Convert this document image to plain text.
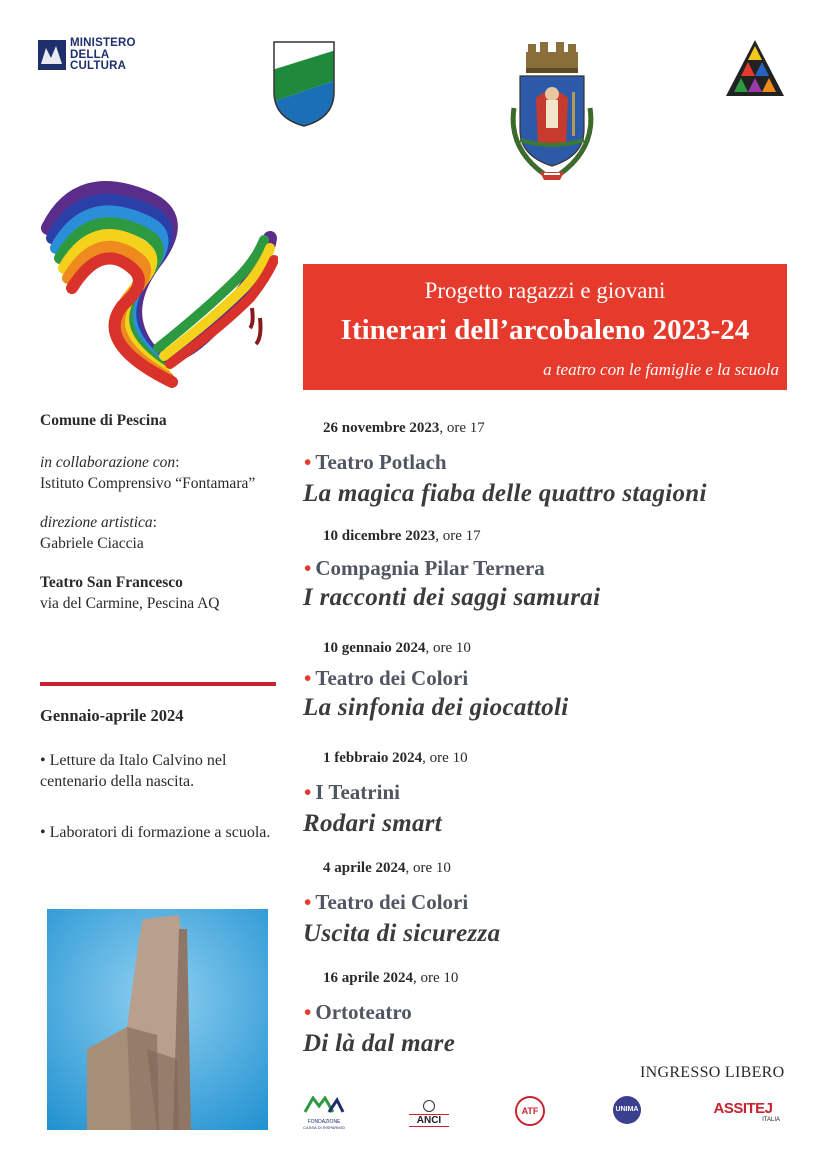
MINISTERO
DELLA
CULTURA
Progetto ragazzi e giovani
Itinerari dell’arcobaleno 2023-24
a teatro con le famiglie e la scuola
Comune di Pescina
in collaborazione con:
Istituto Comprensivo “Fontamara”
direzione artistica:
Gabriele Ciaccia
Teatro San Francesco
via del Carmine, Pescina AQ
Gennaio-aprile 2024
• Letture da Italo Calvino nel centenario della nascita.
• Laboratori di formazione a scuola.
26 novembre 2023, ore 17
• Teatro Potlach
La magica fiaba delle quattro stagioni
10 dicembre 2023, ore 17
• Compagnia Pilar Ternera
I racconti dei saggi samurai
10 gennaio 2024, ore 10
• Teatro dei Colori
La sinfonia dei giocattoli
1 febbraio 2024, ore 10
• I Teatrini
Rodari smart
4 aprile 2024, ore 10
• Teatro dei Colori
Uscita di sicurezza
16 aprile 2024, ore 10
• Ortoteatro
Di là dal mare
INGRESSO LIBERO
FONDAZIONE
CASSA DI RISPARMIO
ANCI
ATF	UNIMA	ASSITEJ
ITALIA
